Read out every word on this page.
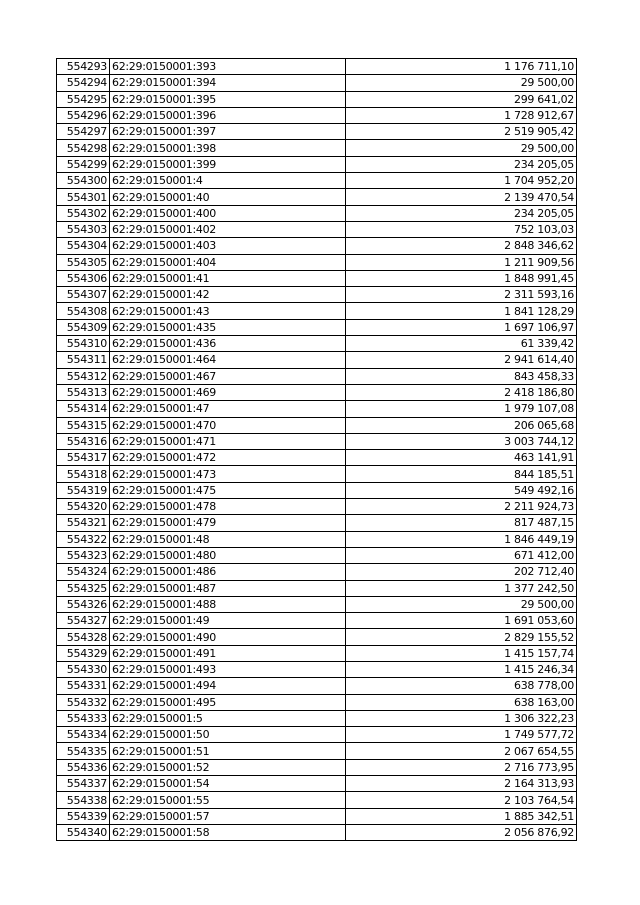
554293	62:29:0150001:393	1 176 711,10
554294	62:29:0150001:394	29 500,00
554295	62:29:0150001:395	299 641,02
554296	62:29:0150001:396	1 728 912,67
554297	62:29:0150001:397	2 519 905,42
554298	62:29:0150001:398	29 500,00
554299	62:29:0150001:399	234 205,05
554300	62:29:0150001:4	1 704 952,20
554301	62:29:0150001:40	2 139 470,54
554302	62:29:0150001:400	234 205,05
554303	62:29:0150001:402	752 103,03
554304	62:29:0150001:403	2 848 346,62
554305	62:29:0150001:404	1 211 909,56
554306	62:29:0150001:41	1 848 991,45
554307	62:29:0150001:42	2 311 593,16
554308	62:29:0150001:43	1 841 128,29
554309	62:29:0150001:435	1 697 106,97
554310	62:29:0150001:436	61 339,42
554311	62:29:0150001:464	2 941 614,40
554312	62:29:0150001:467	843 458,33
554313	62:29:0150001:469	2 418 186,80
554314	62:29:0150001:47	1 979 107,08
554315	62:29:0150001:470	206 065,68
554316	62:29:0150001:471	3 003 744,12
554317	62:29:0150001:472	463 141,91
554318	62:29:0150001:473	844 185,51
554319	62:29:0150001:475	549 492,16
554320	62:29:0150001:478	2 211 924,73
554321	62:29:0150001:479	817 487,15
554322	62:29:0150001:48	1 846 449,19
554323	62:29:0150001:480	671 412,00
554324	62:29:0150001:486	202 712,40
554325	62:29:0150001:487	1 377 242,50
554326	62:29:0150001:488	29 500,00
554327	62:29:0150001:49	1 691 053,60
554328	62:29:0150001:490	2 829 155,52
554329	62:29:0150001:491	1 415 157,74
554330	62:29:0150001:493	1 415 246,34
554331	62:29:0150001:494	638 778,00
554332	62:29:0150001:495	638 163,00
554333	62:29:0150001:5	1 306 322,23
554334	62:29:0150001:50	1 749 577,72
554335	62:29:0150001:51	2 067 654,55
554336	62:29:0150001:52	2 716 773,95
554337	62:29:0150001:54	2 164 313,93
554338	62:29:0150001:55	2 103 764,54
554339	62:29:0150001:57	1 885 342,51
554340	62:29:0150001:58	2 056 876,92
